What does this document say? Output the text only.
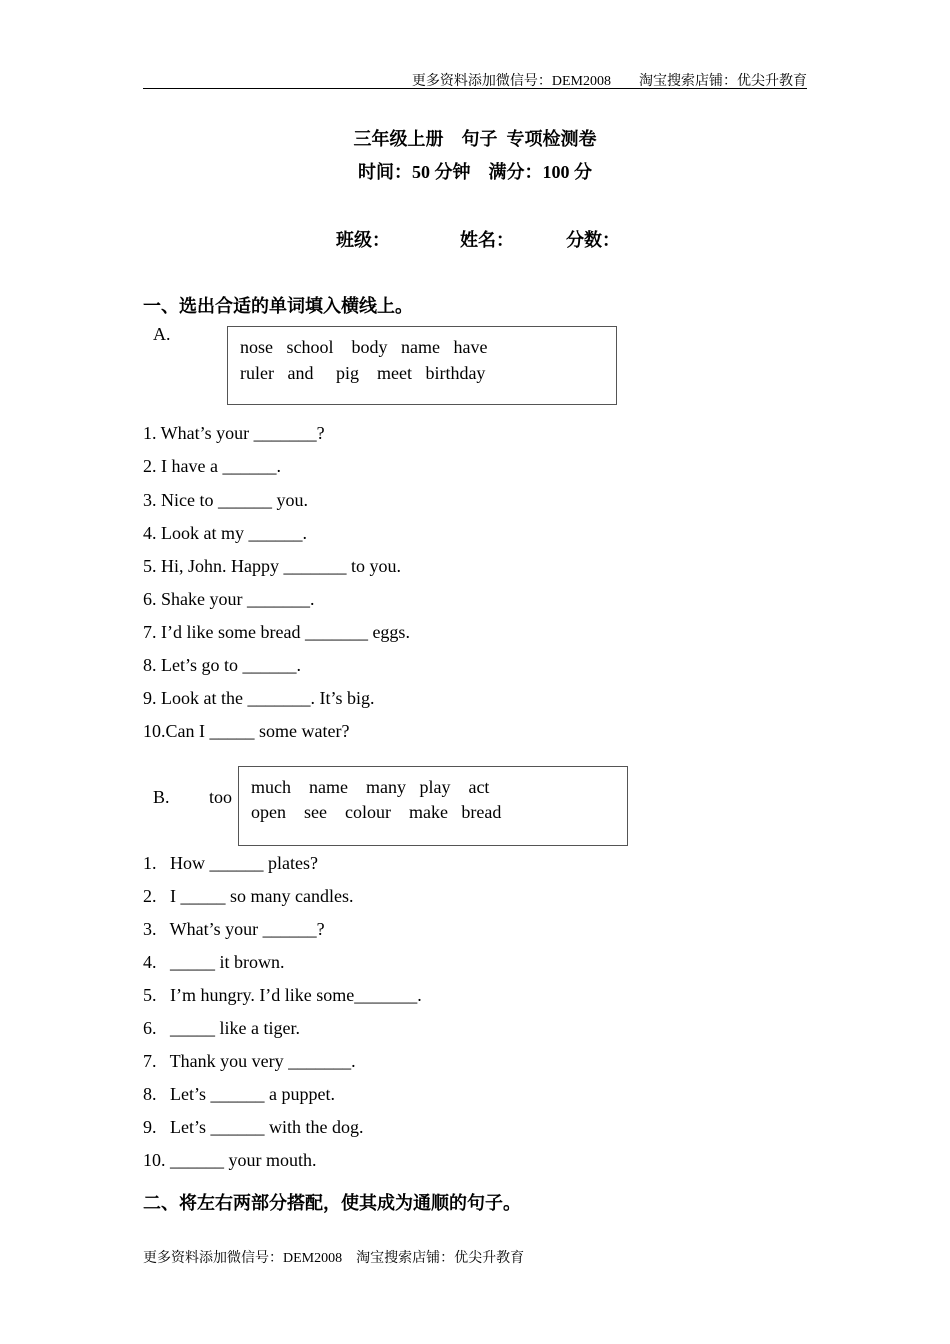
更多资料添加微信号：DEM2008　　淘宝搜索店铺：优尖升教育
三年级上册　句子  专项检测卷
时间：50 分钟　满分：100 分
班级：	姓名：	分数：
一、选出合适的单词填入横线上。
A.
nose   school    body   name   have
ruler   and     pig    meet   birthday
1. What’s your _______?
2. I have a ______.
3. Nice to ______ you.
4. Look at my ______.
5. Hi, John. Happy _______ to you.
6. Shake your _______.
7. I’d like some bread _______ eggs.
8. Let’s go to ______.
9. Look at the _______. It’s big.
10.Can I _____ some water?
B. too much    name    many   play    act
open    see    colour    make   bread
1.   How ______ plates?
2.   I _____ so many candles.
3.   What’s your ______?
4.   _____ it brown.
5.   I’m hungry. I’d like some_______.
6.   _____ like a tiger.
7.   Thank you very _______.
8.   Let’s ______ a puppet.
9.   Let’s ______ with the dog.
10. ______ your mouth.
二、将左右两部分搭配，使其成为通顺的句子。
更多资料添加微信号：DEM2008　淘宝搜索店铺：优尖升教育
